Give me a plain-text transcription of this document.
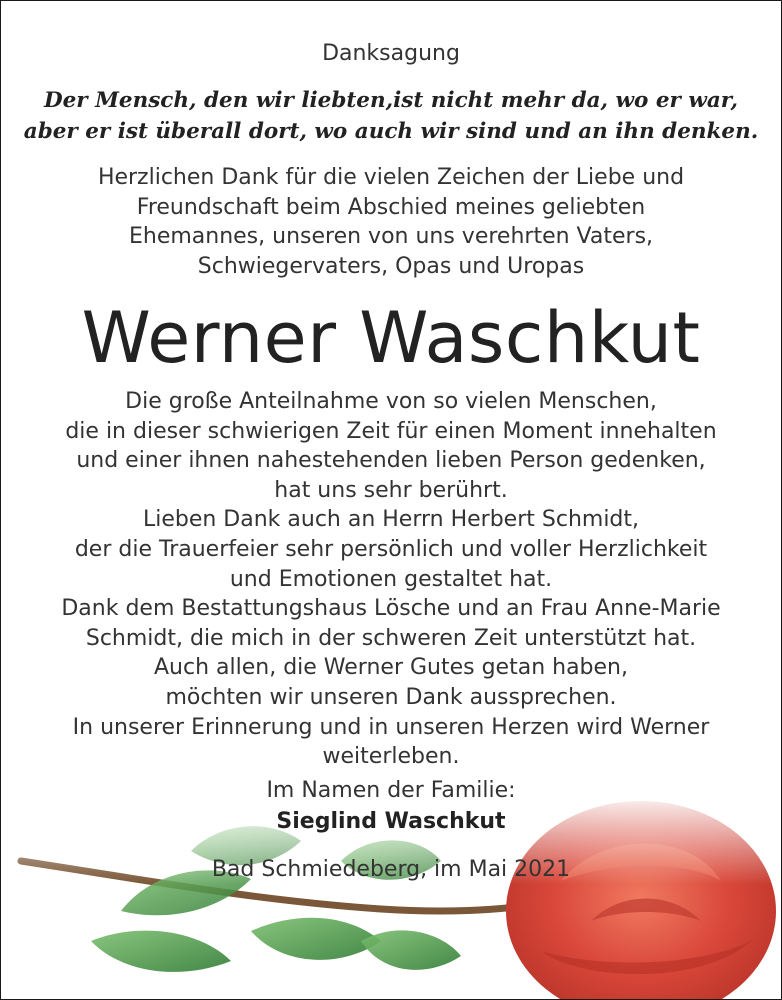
Danksagung
Der Mensch, den wir liebten,ist nicht mehr da, wo er war,
aber er ist überall dort, wo auch wir sind und an ihn denken.
Herzlichen Dank für die vielen Zeichen der Liebe und
Freundschaft beim Abschied meines geliebten
Ehemannes, unseren von uns verehrten Vaters,
Schwiegervaters, Opas und Uropas
Werner Waschkut
Die große Anteilnahme von so vielen Menschen,
die in dieser schwierigen Zeit für einen Moment innehalten
und einer ihnen nahestehenden lieben Person gedenken,
hat uns sehr berührt.
Lieben Dank auch an Herrn Herbert Schmidt,
der die Trauerfeier sehr persönlich und voller Herzlichkeit
und Emotionen gestaltet hat.
Dank dem Bestattungshaus Lösche und an Frau Anne-Marie
Schmidt, die mich in der schweren Zeit unterstützt hat.
Auch allen, die Werner Gutes getan haben,
möchten wir unseren Dank aussprechen.
In unserer Erinnerung und in unseren Herzen wird Werner
weiterleben.
Im Namen der Familie:
Sieglind Waschkut
Bad Schmiedeberg, im Mai 2021
